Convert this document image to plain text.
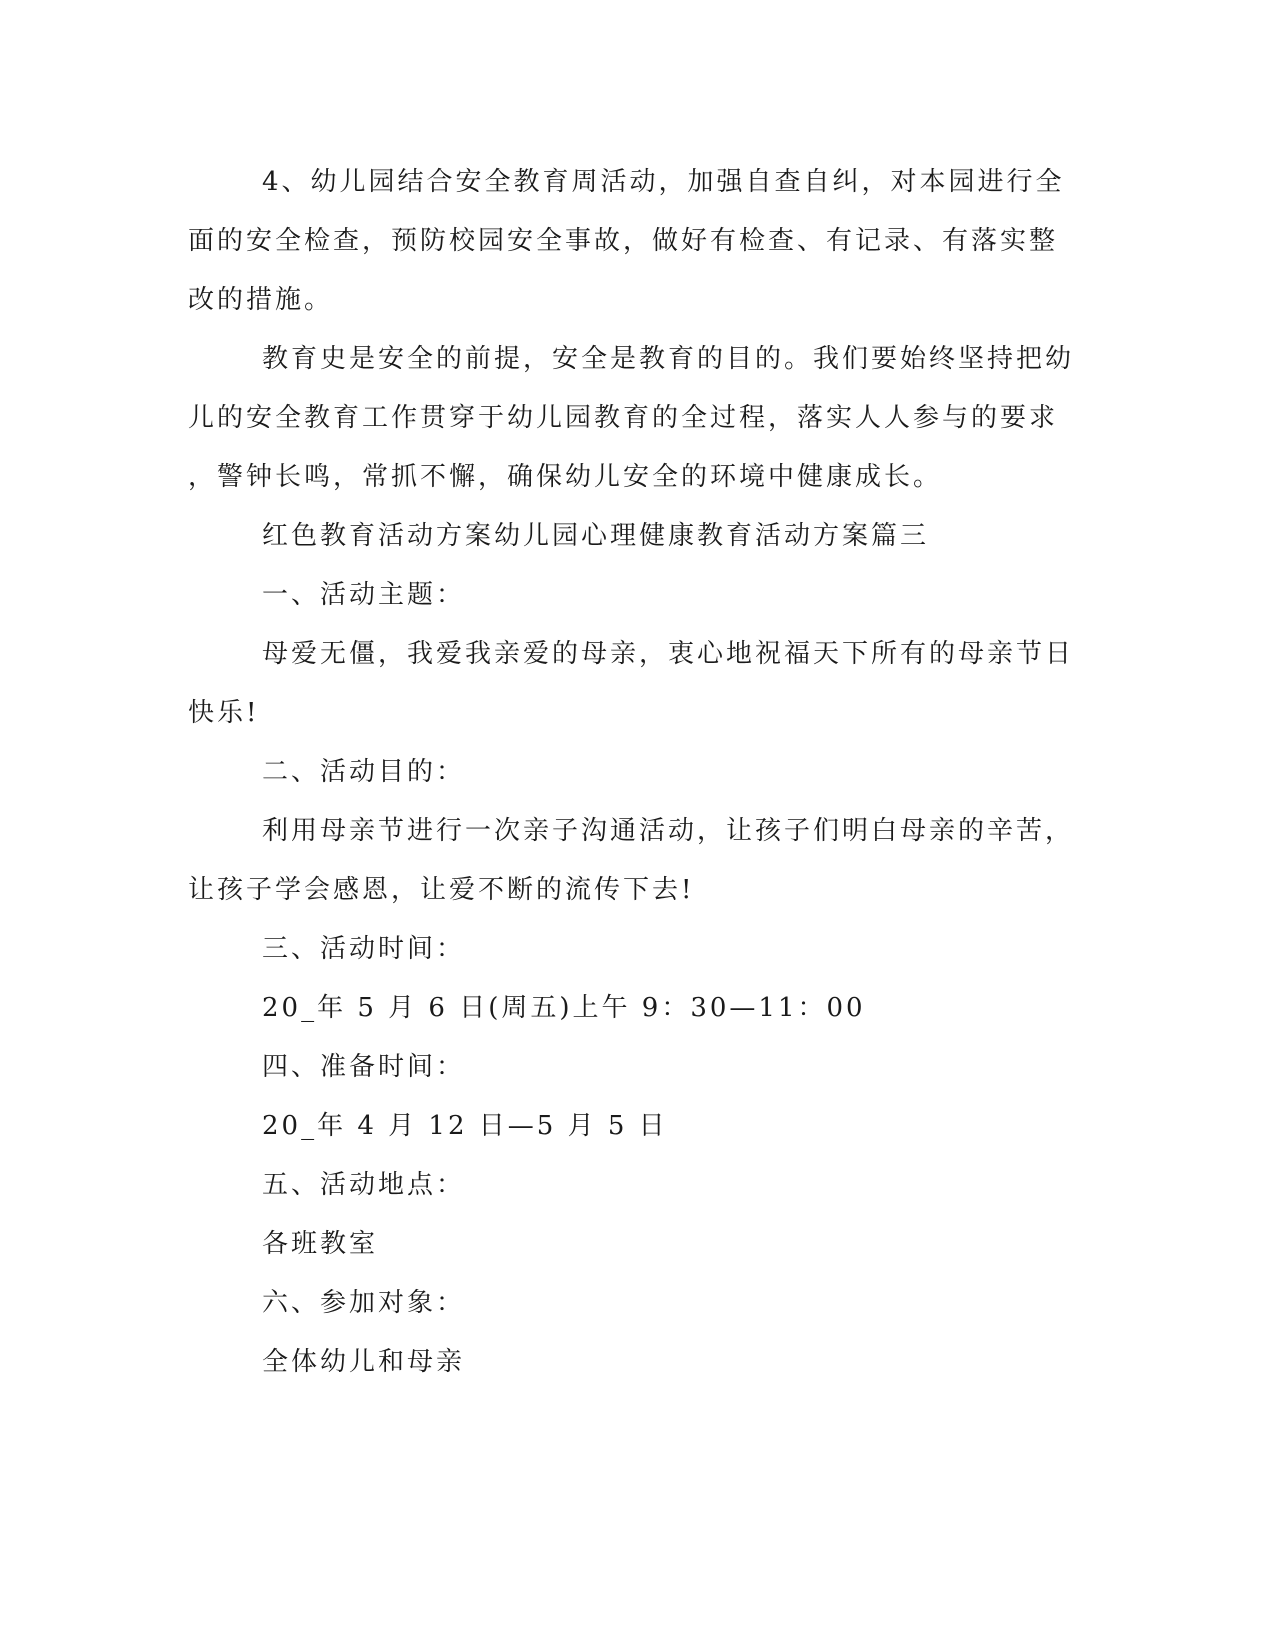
4、幼儿园结合安全教育周活动，加强自查自纠，对本园进行全
面的安全检查，预防校园安全事故，做好有检查、有记录、有落实整
改的措施。
教育史是安全的前提，安全是教育的目的。我们要始终坚持把幼
儿的安全教育工作贯穿于幼儿园教育的全过程，落实人人参与的要求
，警钟长鸣，常抓不懈，确保幼儿安全的环境中健康成长。
红色教育活动方案幼儿园心理健康教育活动方案篇三
一、活动主题：
母爱无僵，我爱我亲爱的母亲，衷心地祝福天下所有的母亲节日
快乐!
二、活动目的：
利用母亲节进行一次亲子沟通活动，让孩子们明白母亲的辛苦，
让孩子学会感恩，让爱不断的流传下去!
三、活动时间：
20_年 5 月 6 日(周五)上午 9：30—11：00
四、准备时间：
20_年 4 月 12 日—5 月 5 日
五、活动地点：
各班教室
六、参加对象：
全体幼儿和母亲
